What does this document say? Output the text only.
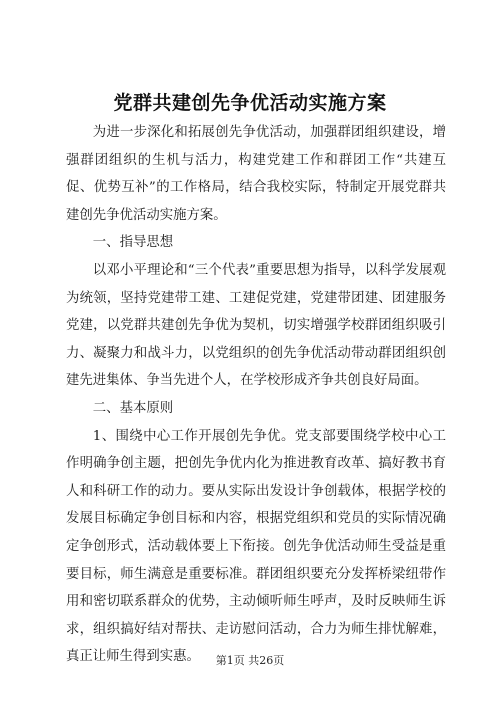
党群共建创先争优活动实施方案

为进一步深化和拓展创先争优活动，加强群团组织建设，增强群团组织的生机与活力，构建党建工作和群团工作“共建互促、优势互补”的工作格局，结合我校实际，特制定开展党群共建创先争优活动实施方案。

一、指导思想

以邓小平理论和“三个代表”重要思想为指导，以科学发展观为统领，坚持党建带工建、工建促党建，党建带团建、团建服务党建，以党群共建创先争优为契机，切实增强学校群团组织吸引力、凝聚力和战斗力，以党组织的创先争优活动带动群团组织创建先进集体、争当先进个人，在学校形成齐争共创良好局面。

二、基本原则

1、围绕中心工作开展创先争优。党支部要围绕学校中心工作明确争创主题，把创先争优内化为推进教育改革、搞好教书育人和科研工作的动力。要从实际出发设计争创载体，根据学校的发展目标确定争创目标和内容，根据党组织和党员的实际情况确定争创形式，活动载体要上下衔接。创先争优活动师生受益是重要目标，师生满意是重要标准。群团组织要充分发挥桥梁纽带作用和密切联系群众的优势，主动倾听师生呼声，及时反映师生诉求，组织搞好结对帮扶、走访慰问活动，合力为师生排忧解难，真正让师生得到实惠。	第1页 共26页
